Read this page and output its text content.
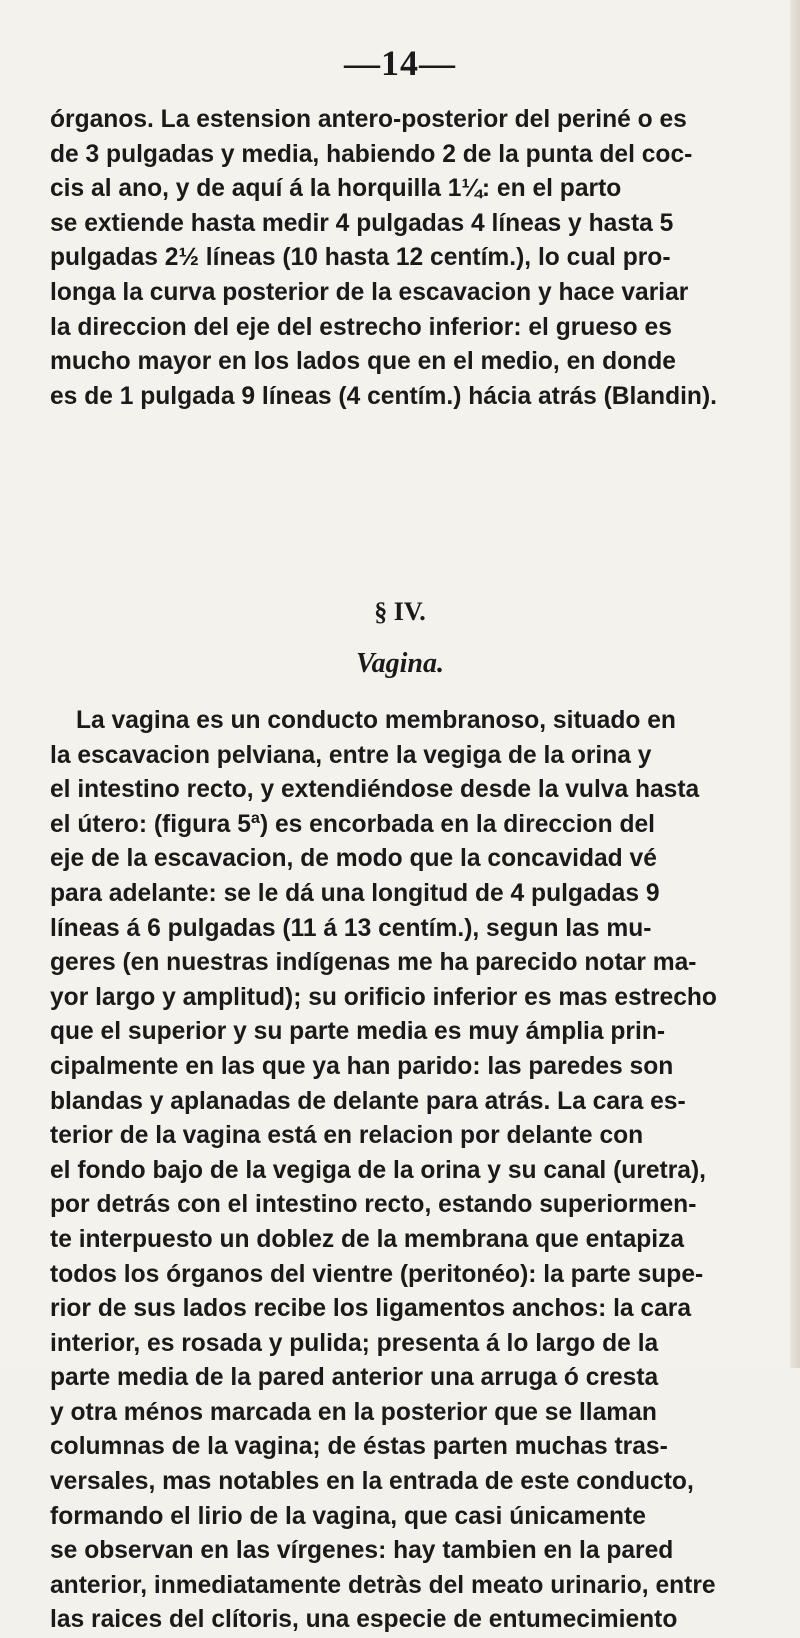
—14—
órganos. La estension antero-posterior del periné o es
de 3 pulgadas y media, habiendo 2 de la punta del coc-
cis al ano, y de aquí á la horquilla 1¼: en el parto
se extiende hasta medir 4 pulgadas 4 líneas y hasta 5
pulgadas 2½ líneas (10 hasta 12 centím.), lo cual pro-
longa la curva posterior de la escavacion y hace variar
la direccion del eje del estrecho inferior: el grueso es
mucho mayor en los lados que en el medio, en donde
es de 1 pulgada 9 líneas (4 centím.) hácia atrás (Blandin).
§ IV.
Vagina.
La vagina es un conducto membranoso, situado en
la escavacion pelviana, entre la vegiga de la orina y
el intestino recto, y extendiéndose desde la vulva hasta
el útero: (figura 5ª) es encorbada en la direccion del
eje de la escavacion, de modo que la concavidad vé
para adelante: se le dá una longitud de 4 pulgadas 9
líneas á 6 pulgadas (11 á 13 centím.), segun las mu-
geres (en nuestras indígenas me ha parecido notar ma-
yor largo y amplitud); su orificio inferior es mas estrecho
que el superior y su parte media es muy ámplia prin-
cipalmente en las que ya han parido: las paredes son
blandas y aplanadas de delante para atrás. La cara es-
terior de la vagina está en relacion por delante con
el fondo bajo de la vegiga de la orina y su canal (uretra),
por detrás con el intestino recto, estando superiormen-
te interpuesto un doblez de la membrana que entapiza
todos los órganos del vientre (peritonéo): la parte supe-
rior de sus lados recibe los ligamentos anchos: la cara
interior, es rosada y pulida; presenta á lo largo de la
parte media de la pared anterior una arruga ó cresta
y otra ménos marcada en la posterior que se llaman
columnas de la vagina; de éstas parten muchas tras-
versales, mas notables en la entrada de este conducto,
formando el lirio de la vagina, que casi únicamente
se observan en las vírgenes: hay tambien en la pared
anterior, inmediatamente detràs del meato urinario, entre
las raices del clítoris, una especie de entumecimiento
